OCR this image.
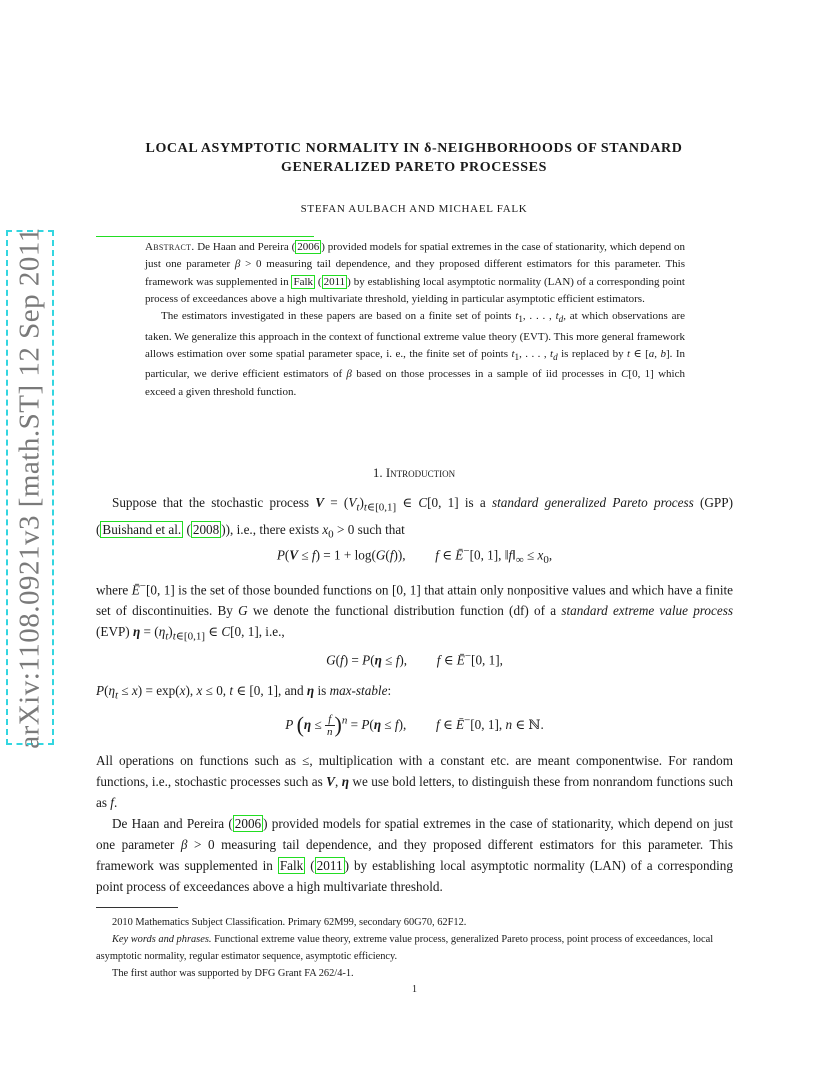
arXiv:1108.0921v3 [math.ST] 12 Sep 2011
LOCAL ASYMPTOTIC NORMALITY IN δ-NEIGHBORHOODS OF STANDARD
GENERALIZED PARETO PROCESSES
STEFAN AULBACH AND MICHAEL FALK

Abstract. De Haan and Pereira ( 2006 ) provided models for spatial extremes in the case of stationarity, which depend on just one parameter β > 0 measuring tail dependence, and they proposed different estimators for this parameter. This framework was supplemented in Falk ( 2011 ) by establishing local asymptotic normality (LAN) of a corresponding point process of exceedances above a high multivariate threshold, yielding in particular asymptotic efficient estimators.

The estimators investigated in these papers are based on a finite set of points $t_1$, . . . , $t_d$, at which observations are taken. We generalize this approach in the context of functional extreme value theory (EVT). This more general framework allows estimation over some spatial parameter space, i. e., the finite set of points $t_1$, . . . , $t_d$ is replaced by t ∈ [a, b]. In particular, we derive efficient estimators of β based on those processes in a sample of iid processes in C[0, 1] which exceed a given threshold function.

1. Introduction

Suppose that the stochastic process $V = (V_t)_{t\in[0,1]}$ ∈ C[0, 1] is a standard generalized Pareto process (GPP) ( Buishand et al. ( 2008 )), i.e., there exists $x_0 > 0$ such that

P(V ≤ f) = 1 + log(G(f)),         f ∈ Ē−[0, 1], $‖f‖_\infty \le x_0$,

where Ē−[0, 1] is the set of those bounded functions on [0, 1] that attain only nonpositive values and which have a finite set of discontinuities. By G we denote the functional distribution function (df) of a standard extreme value process (EVP) $\eta = (\eta_t)_{t\in[0,1]}$ ∈ C[0, 1], i.e.,

G(f) = P(η ≤ f),         f ∈ Ē−[0, 1],

$P(\eta_t \le x) = \exp(x)$, x ≤ 0, t ∈ [0, 1], and η is max-stable:

P $(\eta \le \frac{f}{n})^n = P(\eta \le f)$,         f ∈ Ē−[0, 1], n ∈ ℕ.

All operations on functions such as ≤, multiplication with a constant etc. are meant componentwise. For random functions, i.e., stochastic processes such as V, η we use bold letters, to distinguish these from nonrandom functions such as f.

De Haan and Pereira ( 2006 ) provided models for spatial extremes in the case of stationarity, which depend on just one parameter β > 0 measuring tail dependence, and they proposed different estimators for this parameter. This framework was supplemented in Falk ( 2011 ) by establishing local asymptotic normality (LAN) of a corresponding point process of exceedances above a high multivariate threshold.

2010 Mathematics Subject Classification. Primary 62M99, secondary 60G70, 62F12.

Key words and phrases. Functional extreme value theory, extreme value process, generalized Pareto process, point process of exceedances, local asymptotic normality, regular estimator sequence, asymptotic efficiency.

The first author was supported by DFG Grant FA 262/4-1.

1
